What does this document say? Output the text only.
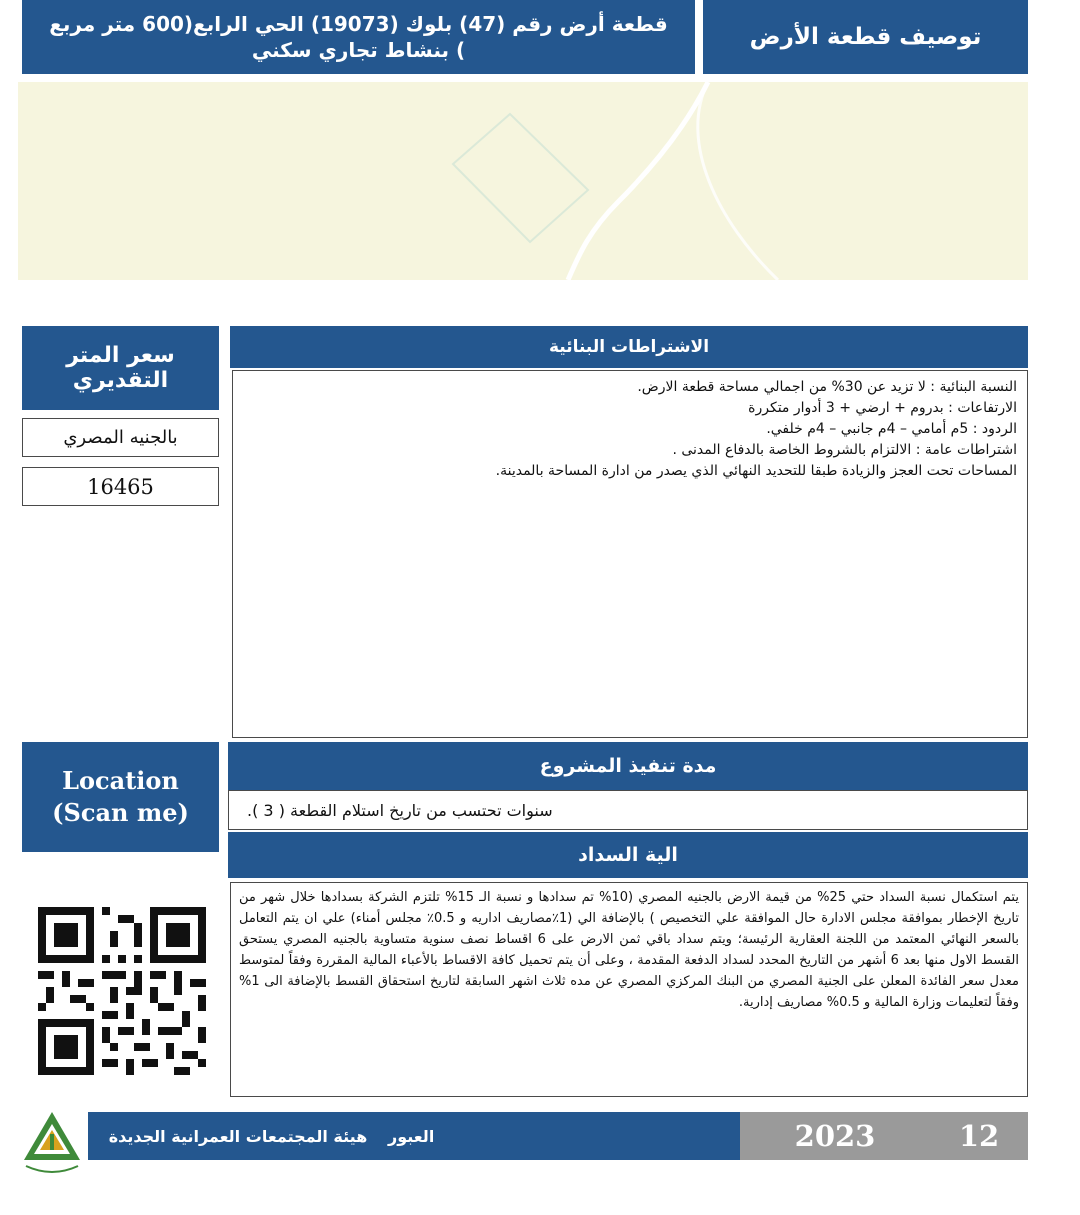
قطعة أرض رقم (47) بلوك (19073) الحي الرابع(600 متر مربع ) بنشاط تجاري سكني	توصيف قطعة الأرض
سعر المتر التقديري
بالجنيه المصري
16465
الاشتراطات البنائية
النسبة البنائية : لا تزيد عن 30% من اجمالي مساحة قطعة الارض.
الارتفاعات : بدروم + ارضي + 3 أدوار متكررة
الردود : 5م أمامي – 4م جانبي – 4م خلفي.
اشتراطات عامة : الالتزام بالشروط الخاصة بالدفاع المدنى .
المساحات تحت العجز والزيادة طبقا للتحديد النهائي الذي يصدر من ادارة المساحة بالمدينة.
Location
(Scan me)
مدة تنفيذ المشروع
سنوات تحتسب من تاريخ استلام القطعة ( 3 ).
الية السداد
يتم استكمال نسبة السداد حتي 25% من قيمة الارض بالجنيه المصري (10% تم سدادها و نسبة الـ 15% تلتزم الشركة بسدادها خلال شهر من تاريخ الإخطار بموافقة مجلس الادارة حال الموافقة علي التخصيص ) بالإضافة الي (1٪مصاريف اداريه و 0.5٪ مجلس أمناء) علي ان يتم التعامل بالسعر النهائي المعتمد من اللجنة العقارية الرئيسة؛ ويتم سداد باقي ثمن الارض على 6 اقساط نصف سنوية متساوية بالجنيه المصري يستحق القسط الاول منها بعد 6 أشهر من التاريخ المحدد لسداد الدفعة المقدمة ، وعلى أن يتم تحميل كافة الاقساط بالأعباء المالية المقررة وفقاً لمتوسط معدل سعر الفائدة المعلن على الجنية المصري من البنك المركزي المصري عن مده ثلاث اشهر السابقة لتاريخ استحقاق القسط بالإضافة الى 1% وفقاً لتعليمات وزارة المالية و 0.5% مصاريف إدارية.
هيئة المجتمعات العمرانية الجديدة العبور	2023	12
